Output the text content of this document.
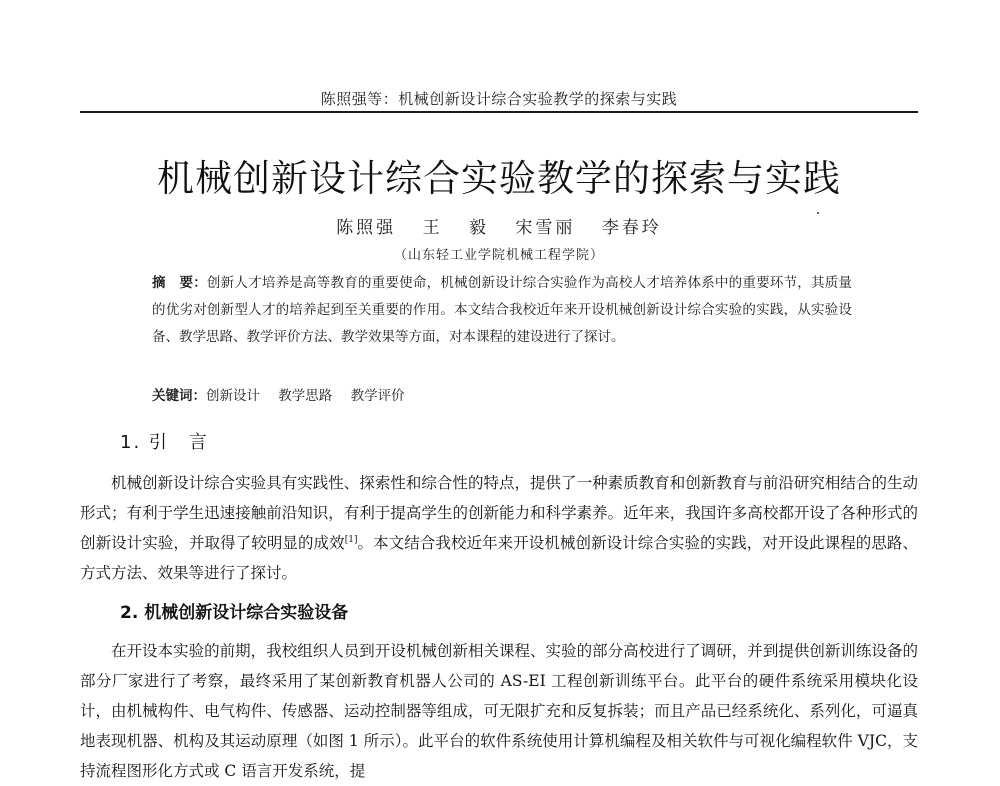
陈照强等：机械创新设计综合实验教学的探索与实践
机械创新设计综合实验教学的探索与实践
陈照强 王 毅 宋雪丽 李春玲
（山东轻工业学院机械工程学院）
摘　要：创新人才培养是高等教育的重要使命，机械创新设计综合实验作为高校人才培养体系中的重要环节，其质量的优劣对创新型人才的培养起到至关重要的作用。本文结合我校近年来开设机械创新设计综合实验的实践，从实验设备、教学思路、教学评价方法、教学效果等方面，对本课程的建设进行了探讨。
关键词：创新设计 教学思路 教学评价
1. 引　言
机械创新设计综合实验具有实践性、探索性和综合性的特点，提供了一种素质教育和创新教育与前沿研究相结合的生动形式；有利于学生迅速接触前沿知识，有利于提高学生的创新能力和科学素养。近年来，我国许多高校都开设了各种形式的创新设计实验，并取得了较明显的成效[1]。本文结合我校近年来开设机械创新设计综合实验的实践，对开设此课程的思路、方式方法、效果等进行了探讨。
2. 机械创新设计综合实验设备
在开设本实验的前期，我校组织人员到开设机械创新相关课程、实验的部分高校进行了调研，并到提供创新训练设备的部分厂家进行了考察，最终采用了某创新教育机器人公司的 AS-EI 工程创新训练平台。此平台的硬件系统采用模块化设计，由机械构件、电气构件、传感器、运动控制器等组成，可无限扩充和反复拆装；而且产品已经系统化、系列化，可逼真地表现机器、机构及其运动原理（如图 1 所示）。此平台的软件系统使用计算机编程及相关软件与可视化编程软件 VJC，支持流程图形化方式或 C 语言开发系统，提
